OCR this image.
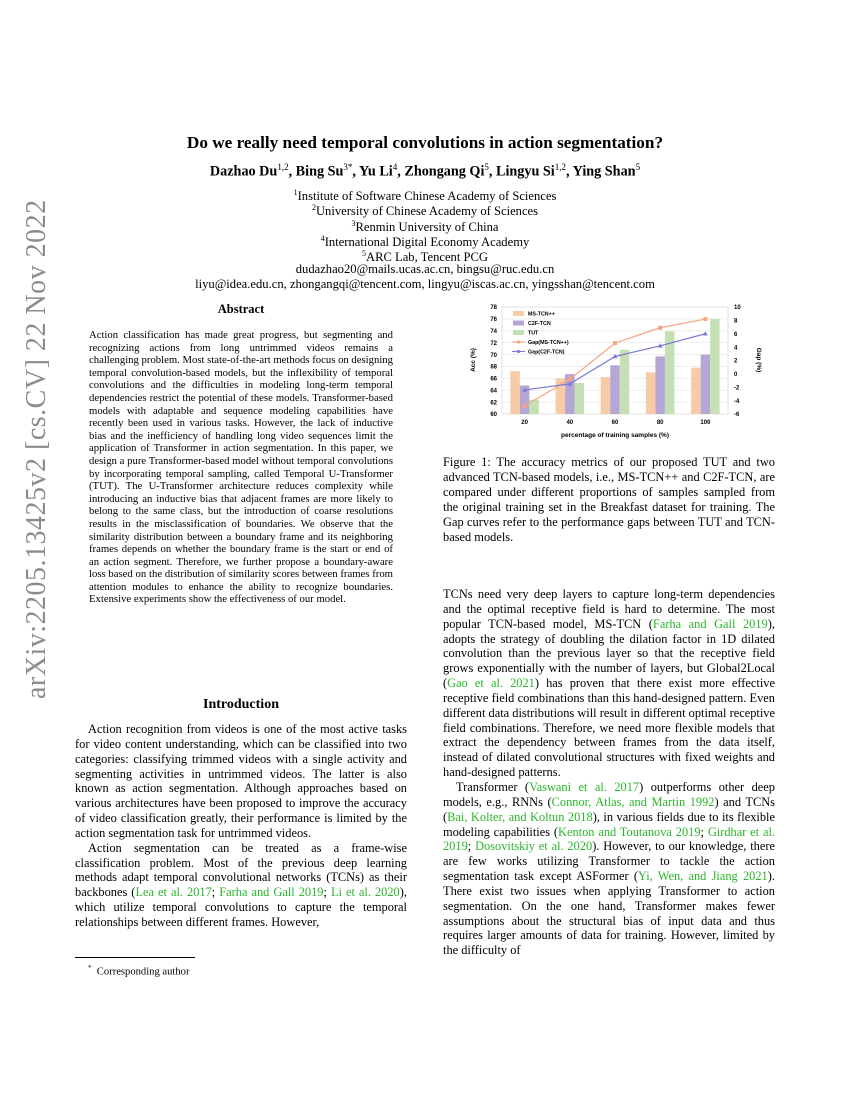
arXiv:2205.13425v2 [cs.CV] 22 Nov 2022
Do we really need temporal convolutions in action segmentation?
Dazhao Du$^{1,2}$, Bing $Su^{3*}$, Yu Li$^4$, Zhongang Qi$^5$, Lingyu Si$^{1,2}$, Ying Shan$^5$
$^1$Institute of Software Chinese Academy of Sciences
$^2$University of Chinese Academy of Sciences
$^3$Renmin University of China
$^4$International Digital Economy Academy
$^5$ARC Lab, Tencent PCG
dudazhao20@mails.ucas.ac.cn, bingsu@ruc.edu.cn
liyu@idea.edu.cn, zhongangqi@tencent.com, lingyu@iscas.ac.cn, yingsshan@tencent.com
Abstract
Action classification has made great progress, but segmenting and recognizing actions from long untrimmed videos remains a challenging problem. Most state-of-the-art methods focus on designing temporal convolution-based models, but the inflexibility of temporal convolutions and the difficulties in modeling long-term temporal dependencies restrict the potential of these models. Transformer-based models with adaptable and sequence modeling capabilities have recently been used in various tasks. However, the lack of inductive bias and the inefficiency of handling long video sequences limit the application of Transformer in action segmentation. In this paper, we design a pure Transformer-based model without temporal convolutions by incorporating temporal sampling, called Temporal U-Transformer (TUT). The U-Transformer architecture reduces complexity while introducing an inductive bias that adjacent frames are more likely to belong to the same class, but the introduction of coarse resolutions results in the misclassification of boundaries. We observe that the similarity distribution between a boundary frame and its neighboring frames depends on whether the boundary frame is the start or end of an action segment. Therefore, we further propose a boundary-aware loss based on the distribution of similarity scores between frames from attention modules to enhance the ability to recognize boundaries. Extensive experiments show the effectiveness of our model.
Introduction

Action recognition from videos is one of the most active tasks for video content understanding, which can be classified into two categories: classifying trimmed videos with a single activity and segmenting activities in untrimmed videos. The latter is also known as action segmentation. Although approaches based on various architectures have been proposed to improve the accuracy of video classification greatly, their performance is limited by the action segmentation task for untrimmed videos.

Action segmentation can be treated as a frame-wise classification problem. Most of the previous deep learning methods adapt temporal convolutional networks (TCNs) as their backbones (Lea et al. 2017; Farha and Gall 2019; Li et al. 2020), which utilize temporal convolutions to capture the temporal relationships between different frames. However,

* Corresponding author
60
62
64
66
68
70
72
74
76
78
-6
-4
-2
0
2
4
6
8
10
20	40	60	80	100
percentage of training samples (%)
Acc (%)	Gap (%)
MS-TCN++
C2F-TCN
TUT
Gap(MS-TCN++)
Gap(C2F-TCN)

Figure 1: The accuracy metrics of our proposed TUT and two advanced TCN-based models, i.e., MS-TCN++ and C2F-TCN, are compared under different proportions of samples sampled from the original training set in the Breakfast dataset for training. The Gap curves refer to the performance gaps between TUT and TCN-based models.

TCNs need very deep layers to capture long-term dependencies and the optimal receptive field is hard to determine. The most popular TCN-based model, MS-TCN (Farha and Gall 2019), adopts the strategy of doubling the dilation factor in 1D dilated convolution than the previous layer so that the receptive field grows exponentially with the number of layers, but Global2Local (Gao et al. 2021) has proven that there exist more effective receptive field combinations than this hand-designed pattern. Even different data distributions will result in different optimal receptive field combinations. Therefore, we need more flexible models that extract the dependency between frames from the data itself, instead of dilated convolutional structures with fixed weights and hand-designed patterns.

Transformer (Vaswani et al. 2017) outperforms other deep models, e.g., RNNs (Connor, Atlas, and Martin 1992) and TCNs (Bai, Kolter, and Koltun 2018), in various fields due to its flexible modeling capabilities (Kenton and Toutanova 2019; Girdhar et al. 2019; Dosovitskiy et al. 2020). However, to our knowledge, there are few works utilizing Transformer to tackle the action segmentation task except ASFormer (Yi, Wen, and Jiang 2021). There exist two issues when applying Transformer to action segmentation. On the one hand, Transformer makes fewer assumptions about the structural bias of input data and thus requires larger amounts of data for training. However, limited by the difficulty of
